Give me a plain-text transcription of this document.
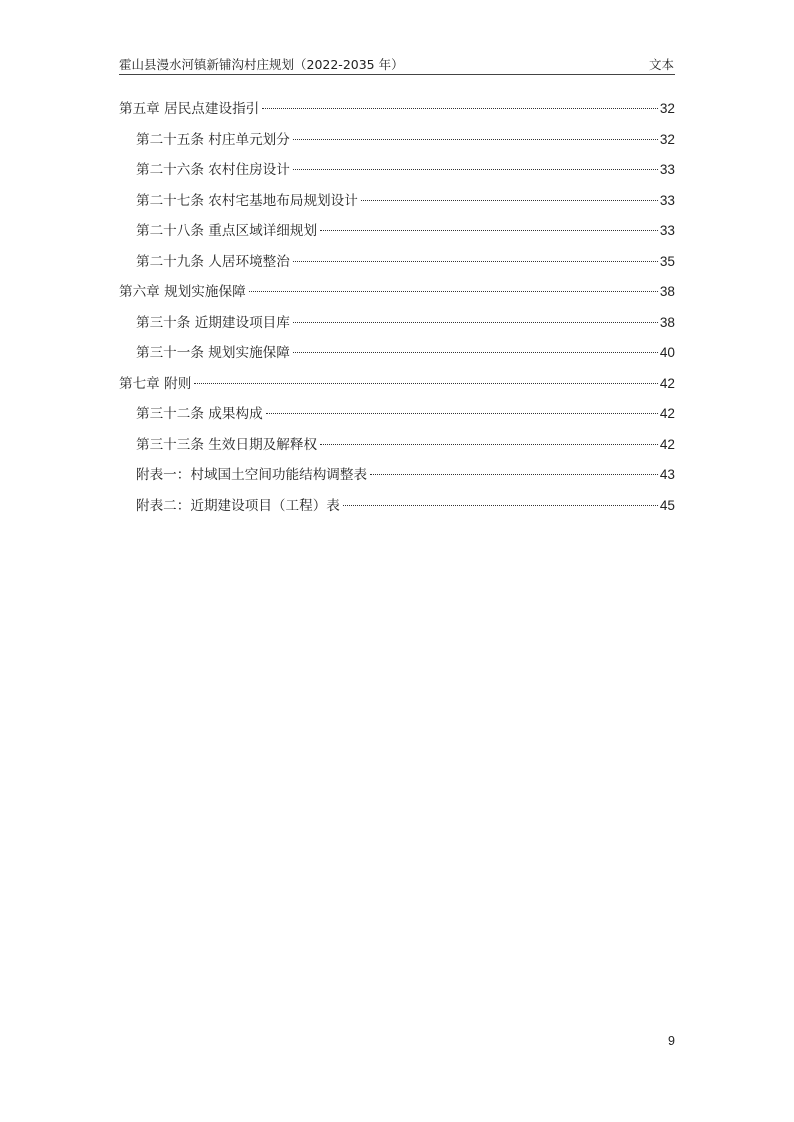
霍山县漫水河镇新铺沟村庄规划（2022-2035 年）	文本
第五章 居民点建设指引	32
第二十五条 村庄单元划分	32
第二十六条 农村住房设计	33
第二十七条 农村宅基地布局规划设计	33
第二十八条 重点区域详细规划	33
第二十九条 人居环境整治	35
第六章 规划实施保障	38
第三十条 近期建设项目库	38
第三十一条 规划实施保障	40
第七章 附则	42
第三十二条 成果构成	42
第三十三条 生效日期及解释权	42
附表一：村域国土空间功能结构调整表	43
附表二：近期建设项目（工程）表	45
9
